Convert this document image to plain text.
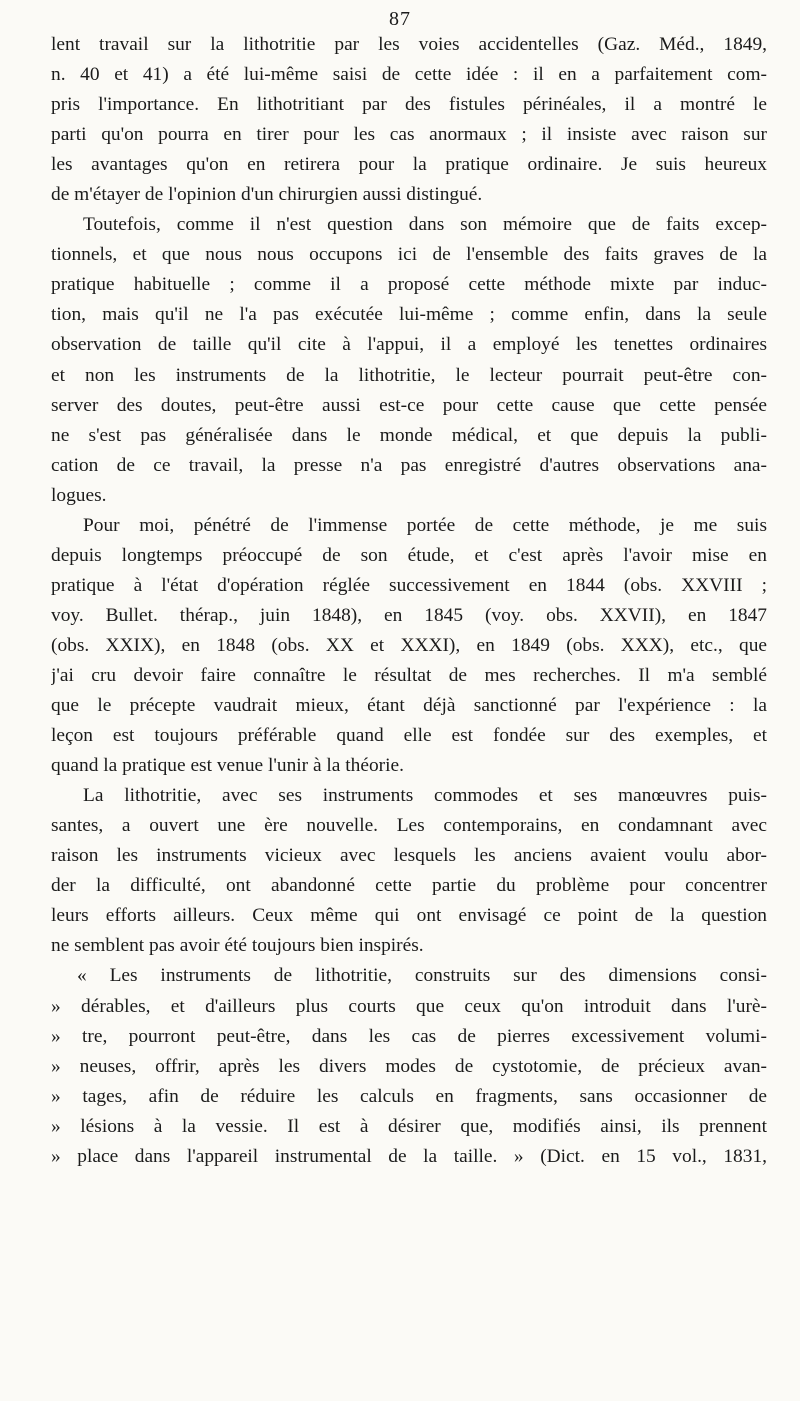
87
lent travail sur la lithotritie par les voies accidentelles (Gaz. Méd., 1849,
n. 40 et 41) a été lui-même saisi de cette idée : il en a parfaitement com-
pris l'importance. En lithotritiant par des fistules périnéales, il a montré le
parti qu'on pourra en tirer pour les cas anormaux ; il insiste avec raison sur
les avantages qu'on en retirera pour la pratique ordinaire. Je suis heureux
de m'étayer de l'opinion d'un chirurgien aussi distingué.
Toutefois, comme il n'est question dans son mémoire que de faits excep-
tionnels, et que nous nous occupons ici de l'ensemble des faits graves de la
pratique habituelle ; comme il a proposé cette méthode mixte par induc-
tion, mais qu'il ne l'a pas exécutée lui-même ; comme enfin, dans la seule
observation de taille qu'il cite à l'appui, il a employé les tenettes ordinaires
et non les instruments de la lithotritie, le lecteur pourrait peut-être con-
server des doutes, peut-être aussi est-ce pour cette cause que cette pensée
ne s'est pas généralisée dans le monde médical, et que depuis la publi-
cation de ce travail, la presse n'a pas enregistré d'autres observations ana-
logues.
Pour moi, pénétré de l'immense portée de cette méthode, je me suis
depuis longtemps préoccupé de son étude, et c'est après l'avoir mise en
pratique à l'état d'opération réglée successivement en 1844 (obs. XXVIII ;
voy. Bullet. thérap., juin 1848), en 1845 (voy. obs. XXVII), en 1847
(obs. XXIX), en 1848 (obs. XX et XXXI), en 1849 (obs. XXX), etc., que
j'ai cru devoir faire connaître le résultat de mes recherches. Il m'a semblé
que le précepte vaudrait mieux, étant déjà sanctionné par l'expérience : la
leçon est toujours préférable quand elle est fondée sur des exemples, et
quand la pratique est venue l'unir à la théorie.
La lithotritie, avec ses instruments commodes et ses manœuvres puis-
santes, a ouvert une ère nouvelle. Les contemporains, en condamnant avec
raison les instruments vicieux avec lesquels les anciens avaient voulu abor-
der la difficulté, ont abandonné cette partie du problème pour concentrer
leurs efforts ailleurs. Ceux même qui ont envisagé ce point de la question
ne semblent pas avoir été toujours bien inspirés.
« Les instruments de lithotritie, construits sur des dimensions consi-
» dérables, et d'ailleurs plus courts que ceux qu'on introduit dans l'urè-
» tre, pourront peut-être, dans les cas de pierres excessivement volumi-
» neuses, offrir, après les divers modes de cystotomie, de précieux avan-
» tages, afin de réduire les calculs en fragments, sans occasionner de
» lésions à la vessie. Il est à désirer que, modifiés ainsi, ils prennent
» place dans l'appareil instrumental de la taille. » (Dict. en 15 vol., 1831,
